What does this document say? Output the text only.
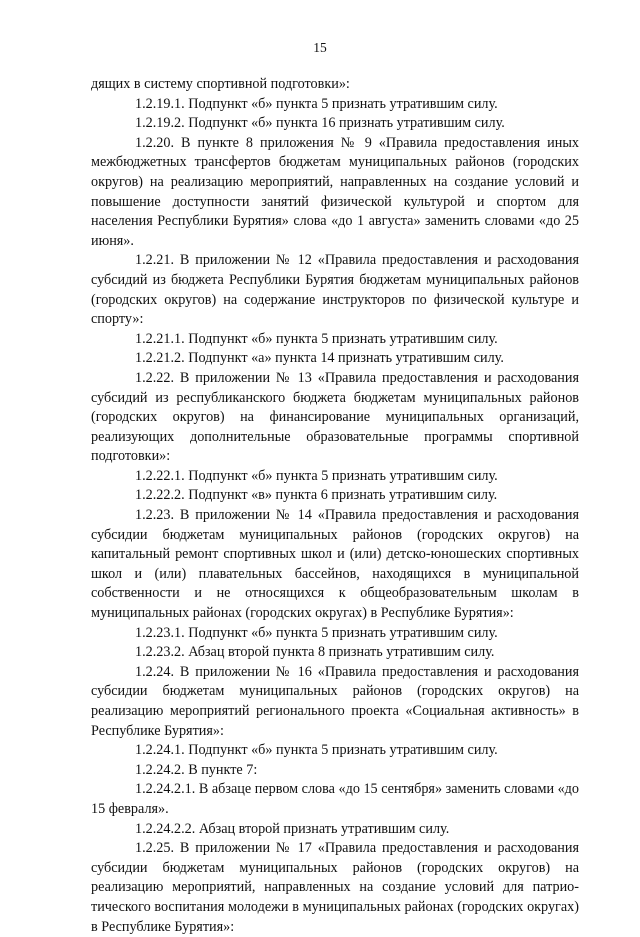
15

дящих в систему спортивной подготовки»:

1.2.19.1. Подпункт «б» пункта 5 признать утратившим силу.

1.2.19.2. Подпункт «б» пункта 16 признать утратившим силу.

1.2.20. В пункте 8 приложения № 9 «Правила предоставления иных межбюджетных трансфертов бюджетам муниципальных районов (городских округов) на реализацию мероприятий, направленных на создание условий и повышение доступности занятий физической культурой и спортом для населения Республики Бурятия» слова «до 1 августа» заменить словами «до 25 июня».

1.2.21. В приложении № 12 «Правила предоставления и расходования субсидий из бюджета Республики Бурятия бюджетам муниципальных районов (городских округов) на содержание инструкторов по физической культуре и спорту»:

1.2.21.1. Подпункт «б» пункта 5 признать утратившим силу.

1.2.21.2. Подпункт «а» пункта 14 признать утратившим силу.

1.2.22. В приложении № 13 «Правила предоставления и расходования субсидий из республиканского бюджета бюджетам муниципальных районов (городских округов) на финансирование муниципальных организаций, реализующих дополнительные образовательные программы спортивной подготовки»:

1.2.22.1. Подпункт «б» пункта 5 признать утратившим силу.

1.2.22.2. Подпункт «в» пункта 6 признать утратившим силу.

1.2.23. В приложении № 14 «Правила предоставления и расходования субсидии бюджетам муниципальных районов (городских округов) на капитальный ремонт спортивных школ и (или) детско-юношеских спортивных школ и (или) плавательных бассейнов, находящихся в муниципальной собственности и не относящихся к общеобразовательным школам в муниципальных районах (городских округах) в Республике Бурятия»:

1.2.23.1. Подпункт «б» пункта 5 признать утратившим силу.

1.2.23.2. Абзац второй пункта 8 признать утратившим силу.

1.2.24. В приложении № 16 «Правила предоставления и расходования субсидии бюджетам муниципальных районов (городских округов) на реализацию мероприятий регионального проекта «Социальная активность» в Республике Бурятия»:

1.2.24.1. Подпункт «б» пункта 5 признать утратившим силу.

1.2.24.2. В пункте 7:

1.2.24.2.1. В абзаце первом слова «до 15 сентября» заменить словами «до 15 февраля».

1.2.24.2.2. Абзац второй признать утратившим силу.

1.2.25. В приложении № 17 «Правила предоставления и расходования субсидии бюджетам муниципальных районов (городских округов) на реализацию мероприятий, направленных на создание условий для патриотического воспитания молодежи в муниципальных районах (городских округах) в Республике Бурятия»:
